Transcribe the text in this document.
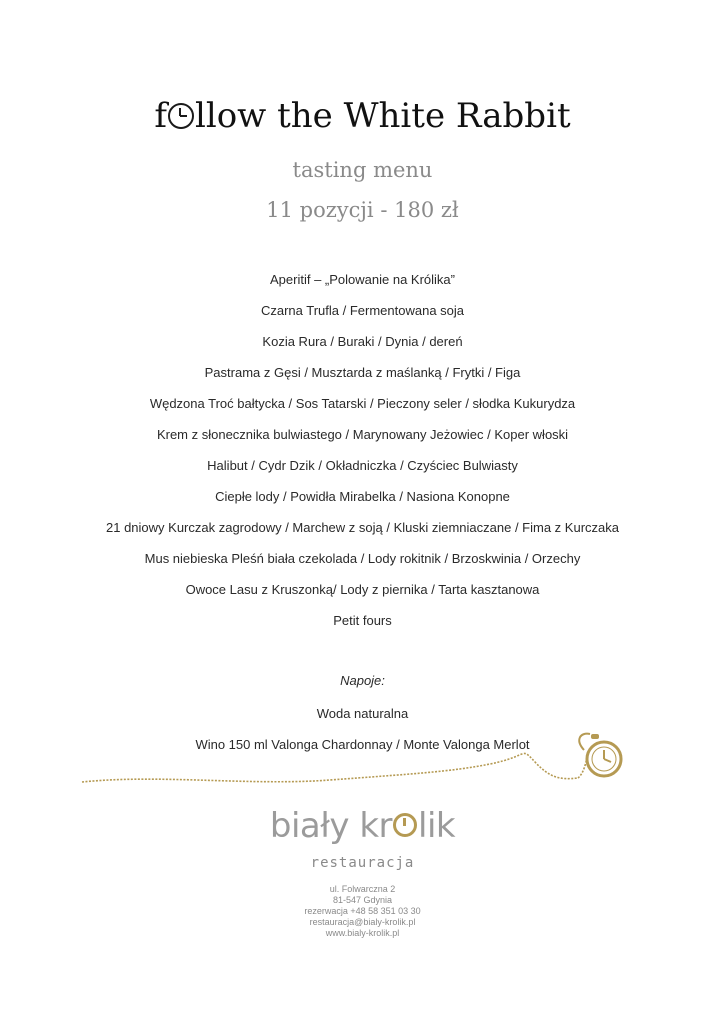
f llow the White Rabbit
tasting menu
11 pozycji - 180 zł
Aperitif – „Polowanie na Królika”
Czarna Trufla / Fermentowana soja
Kozia Rura / Buraki / Dynia / dereń
Pastrama z Gęsi / Musztarda z maślanką / Frytki / Figa
Wędzona Troć bałtycka / Sos Tatarski / Pieczony seler / słodka Kukurydza
Krem z słonecznika bulwiastego / Marynowany Jeżowiec / Koper włoski
Halibut / Cydr Dzik / Okładniczka / Czyściec Bulwiasty
Ciepłe lody / Powidła Mirabelka / Nasiona Konopne
21 dniowy Kurczak zagrodowy / Marchew z soją / Kluski ziemniaczane / Fima z Kurczaka
Mus niebieska Pleśń biała czekolada / Lody rokitnik / Brzoskwinia / Orzechy
Owoce Lasu z Kruszonką/ Lody z piernika / Tarta kasztanowa
Petit fours
Napoje:
Woda naturalna
Wino 150 ml Valonga Chardonnay / Monte Valonga Merlot
biały kr lik
restauracja
ul. Folwarczna 2
81-547 Gdynia
rezerwacja +48 58 351 03 30
restauracja@bialy-krolik.pl
www.bialy-krolik.pl
